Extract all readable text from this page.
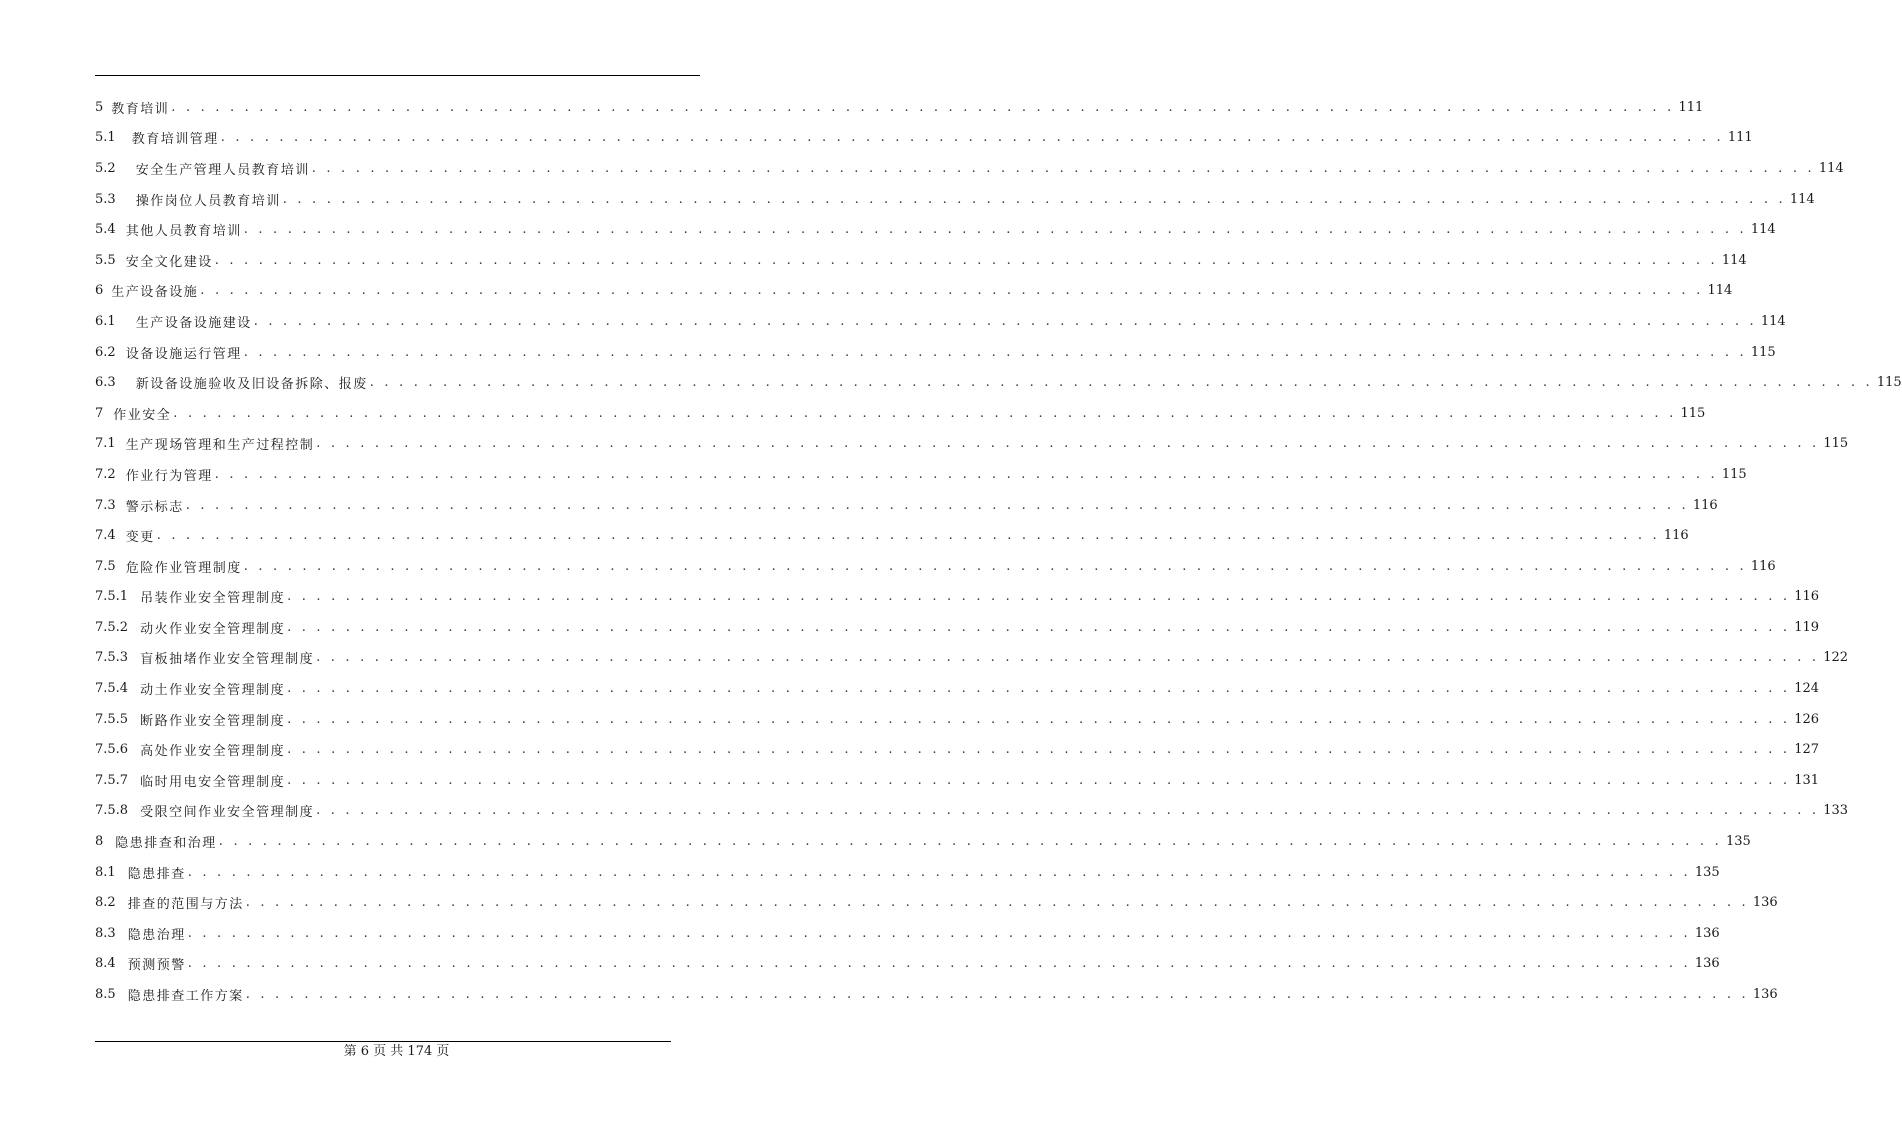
5 教育培训 . . . . . . . . . . . . . . . . . . . . . . . . . . . . . . . . . . . . . . . . . . . . . . . . . . . . . . . . . . . . . . . . . . . . . . . . . . . . . . . . . . . . . . . . . . . . . . . . . . . . . . . 111
5.1 教育培训管理 . . . . . . . . . . . . . . . . . . . . . . . . . . . . . . . . . . . . . . . . . . . . . . . . . . . . . . . . . . . . . . . . . . . . . . . . . . . . . . . . . . . . . . . . . . . . . . . . . . . . . . . 111
5.2 安全生产管理人员教育培训 . . . . . . . . . . . . . . . . . . . . . . . . . . . . . . . . . . . . . . . . . . . . . . . . . . . . . . . . . . . . . . . . . . . . . . . . . . . . . . . . . . . . . . . . . . . . . . . . . . . . . . . 114
5.3 操作岗位人员教育培训 . . . . . . . . . . . . . . . . . . . . . . . . . . . . . . . . . . . . . . . . . . . . . . . . . . . . . . . . . . . . . . . . . . . . . . . . . . . . . . . . . . . . . . . . . . . . . . . . . . . . . . . 114
5.4 其他人员教育培训 . . . . . . . . . . . . . . . . . . . . . . . . . . . . . . . . . . . . . . . . . . . . . . . . . . . . . . . . . . . . . . . . . . . . . . . . . . . . . . . . . . . . . . . . . . . . . . . . . . . . . . . 114
5.5 安全文化建设 . . . . . . . . . . . . . . . . . . . . . . . . . . . . . . . . . . . . . . . . . . . . . . . . . . . . . . . . . . . . . . . . . . . . . . . . . . . . . . . . . . . . . . . . . . . . . . . . . . . . . . . 114
6 生产设备设施 . . . . . . . . . . . . . . . . . . . . . . . . . . . . . . . . . . . . . . . . . . . . . . . . . . . . . . . . . . . . . . . . . . . . . . . . . . . . . . . . . . . . . . . . . . . . . . . . . . . . . . . 114
6.1 生产设备设施建设 . . . . . . . . . . . . . . . . . . . . . . . . . . . . . . . . . . . . . . . . . . . . . . . . . . . . . . . . . . . . . . . . . . . . . . . . . . . . . . . . . . . . . . . . . . . . . . . . . . . . . . . 114
6.2 设备设施运行管理 . . . . . . . . . . . . . . . . . . . . . . . . . . . . . . . . . . . . . . . . . . . . . . . . . . . . . . . . . . . . . . . . . . . . . . . . . . . . . . . . . . . . . . . . . . . . . . . . . . . . . . . 115
6.3 新设备设施验收及旧设备拆除、报废 . . . . . . . . . . . . . . . . . . . . . . . . . . . . . . . . . . . . . . . . . . . . . . . . . . . . . . . . . . . . . . . . . . . . . . . . . . . . . . . . . . . . . . . . . . . . . . . . . . . . . . . 115
7 作业安全 . . . . . . . . . . . . . . . . . . . . . . . . . . . . . . . . . . . . . . . . . . . . . . . . . . . . . . . . . . . . . . . . . . . . . . . . . . . . . . . . . . . . . . . . . . . . . . . . . . . . . . . 115
7.1 生产现场管理和生产过程控制 . . . . . . . . . . . . . . . . . . . . . . . . . . . . . . . . . . . . . . . . . . . . . . . . . . . . . . . . . . . . . . . . . . . . . . . . . . . . . . . . . . . . . . . . . . . . . . . . . . . . . . . 115
7.2 作业行为管理 . . . . . . . . . . . . . . . . . . . . . . . . . . . . . . . . . . . . . . . . . . . . . . . . . . . . . . . . . . . . . . . . . . . . . . . . . . . . . . . . . . . . . . . . . . . . . . . . . . . . . . . 115
7.3 警示标志 . . . . . . . . . . . . . . . . . . . . . . . . . . . . . . . . . . . . . . . . . . . . . . . . . . . . . . . . . . . . . . . . . . . . . . . . . . . . . . . . . . . . . . . . . . . . . . . . . . . . . . . 116
7.4 变更 . . . . . . . . . . . . . . . . . . . . . . . . . . . . . . . . . . . . . . . . . . . . . . . . . . . . . . . . . . . . . . . . . . . . . . . . . . . . . . . . . . . . . . . . . . . . . . . . . . . . . . . 116
7.5 危险作业管理制度 . . . . . . . . . . . . . . . . . . . . . . . . . . . . . . . . . . . . . . . . . . . . . . . . . . . . . . . . . . . . . . . . . . . . . . . . . . . . . . . . . . . . . . . . . . . . . . . . . . . . . . . 116
7.5.1 吊装作业安全管理制度 . . . . . . . . . . . . . . . . . . . . . . . . . . . . . . . . . . . . . . . . . . . . . . . . . . . . . . . . . . . . . . . . . . . . . . . . . . . . . . . . . . . . . . . . . . . . . . . . . . . . . . . 116
7.5.2 动火作业安全管理制度 . . . . . . . . . . . . . . . . . . . . . . . . . . . . . . . . . . . . . . . . . . . . . . . . . . . . . . . . . . . . . . . . . . . . . . . . . . . . . . . . . . . . . . . . . . . . . . . . . . . . . . . 119
7.5.3 盲板抽堵作业安全管理制度 . . . . . . . . . . . . . . . . . . . . . . . . . . . . . . . . . . . . . . . . . . . . . . . . . . . . . . . . . . . . . . . . . . . . . . . . . . . . . . . . . . . . . . . . . . . . . . . . . . . . . . . 122
7.5.4 动土作业安全管理制度 . . . . . . . . . . . . . . . . . . . . . . . . . . . . . . . . . . . . . . . . . . . . . . . . . . . . . . . . . . . . . . . . . . . . . . . . . . . . . . . . . . . . . . . . . . . . . . . . . . . . . . . 124
7.5.5 断路作业安全管理制度 . . . . . . . . . . . . . . . . . . . . . . . . . . . . . . . . . . . . . . . . . . . . . . . . . . . . . . . . . . . . . . . . . . . . . . . . . . . . . . . . . . . . . . . . . . . . . . . . . . . . . . . 126
7.5.6 高处作业安全管理制度 . . . . . . . . . . . . . . . . . . . . . . . . . . . . . . . . . . . . . . . . . . . . . . . . . . . . . . . . . . . . . . . . . . . . . . . . . . . . . . . . . . . . . . . . . . . . . . . . . . . . . . . 127
7.5.7 临时用电安全管理制度 . . . . . . . . . . . . . . . . . . . . . . . . . . . . . . . . . . . . . . . . . . . . . . . . . . . . . . . . . . . . . . . . . . . . . . . . . . . . . . . . . . . . . . . . . . . . . . . . . . . . . . . 131
7.5.8 受限空间作业安全管理制度 . . . . . . . . . . . . . . . . . . . . . . . . . . . . . . . . . . . . . . . . . . . . . . . . . . . . . . . . . . . . . . . . . . . . . . . . . . . . . . . . . . . . . . . . . . . . . . . . . . . . . . . 133
8 隐患排查和治理 . . . . . . . . . . . . . . . . . . . . . . . . . . . . . . . . . . . . . . . . . . . . . . . . . . . . . . . . . . . . . . . . . . . . . . . . . . . . . . . . . . . . . . . . . . . . . . . . . . . . . . . 135
8.1 隐患排查 . . . . . . . . . . . . . . . . . . . . . . . . . . . . . . . . . . . . . . . . . . . . . . . . . . . . . . . . . . . . . . . . . . . . . . . . . . . . . . . . . . . . . . . . . . . . . . . . . . . . . . . 135
8.2 排查的范围与方法 . . . . . . . . . . . . . . . . . . . . . . . . . . . . . . . . . . . . . . . . . . . . . . . . . . . . . . . . . . . . . . . . . . . . . . . . . . . . . . . . . . . . . . . . . . . . . . . . . . . . . . . 136
8.3 隐患治理 . . . . . . . . . . . . . . . . . . . . . . . . . . . . . . . . . . . . . . . . . . . . . . . . . . . . . . . . . . . . . . . . . . . . . . . . . . . . . . . . . . . . . . . . . . . . . . . . . . . . . . . 136
8.4 预测预警 . . . . . . . . . . . . . . . . . . . . . . . . . . . . . . . . . . . . . . . . . . . . . . . . . . . . . . . . . . . . . . . . . . . . . . . . . . . . . . . . . . . . . . . . . . . . . . . . . . . . . . . 136
8.5 隐患排查工作方案 . . . . . . . . . . . . . . . . . . . . . . . . . . . . . . . . . . . . . . . . . . . . . . . . . . . . . . . . . . . . . . . . . . . . . . . . . . . . . . . . . . . . . . . . . . . . . . . . . . . . . . . 136
第 6 页 共 174 页
